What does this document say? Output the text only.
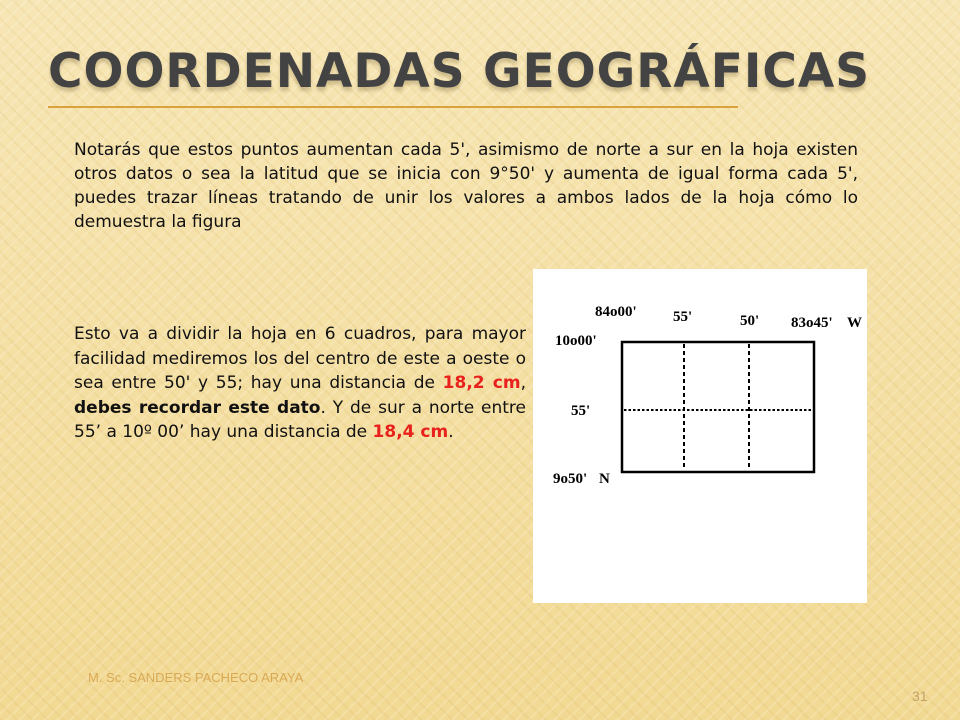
COORDENADAS GEOGRÁFICAS

Notarás que estos puntos aumentan cada 5', asimismo de norte a sur en la hoja existen otros datos o sea la latitud que se inicia con 9°50' y aumenta de igual forma cada 5', puedes trazar líneas tratando de unir los valores a ambos lados de la hoja cómo lo demuestra la figura

Esto va a dividir la hoja en 6 cuadros, para mayor facilidad mediremos los del centro de este a oeste o sea entre 50' y 55; hay una distancia de 18,2 cm, debes recordar este dato. Y de sur a norte entre 55’ a 10º 00’ hay una distancia de 18,4 cm.

84o00' 55'	50' 83o45' W
10o00'
55'
9o50' N
M. Sc. SANDERS PACHECO ARAYA
31
